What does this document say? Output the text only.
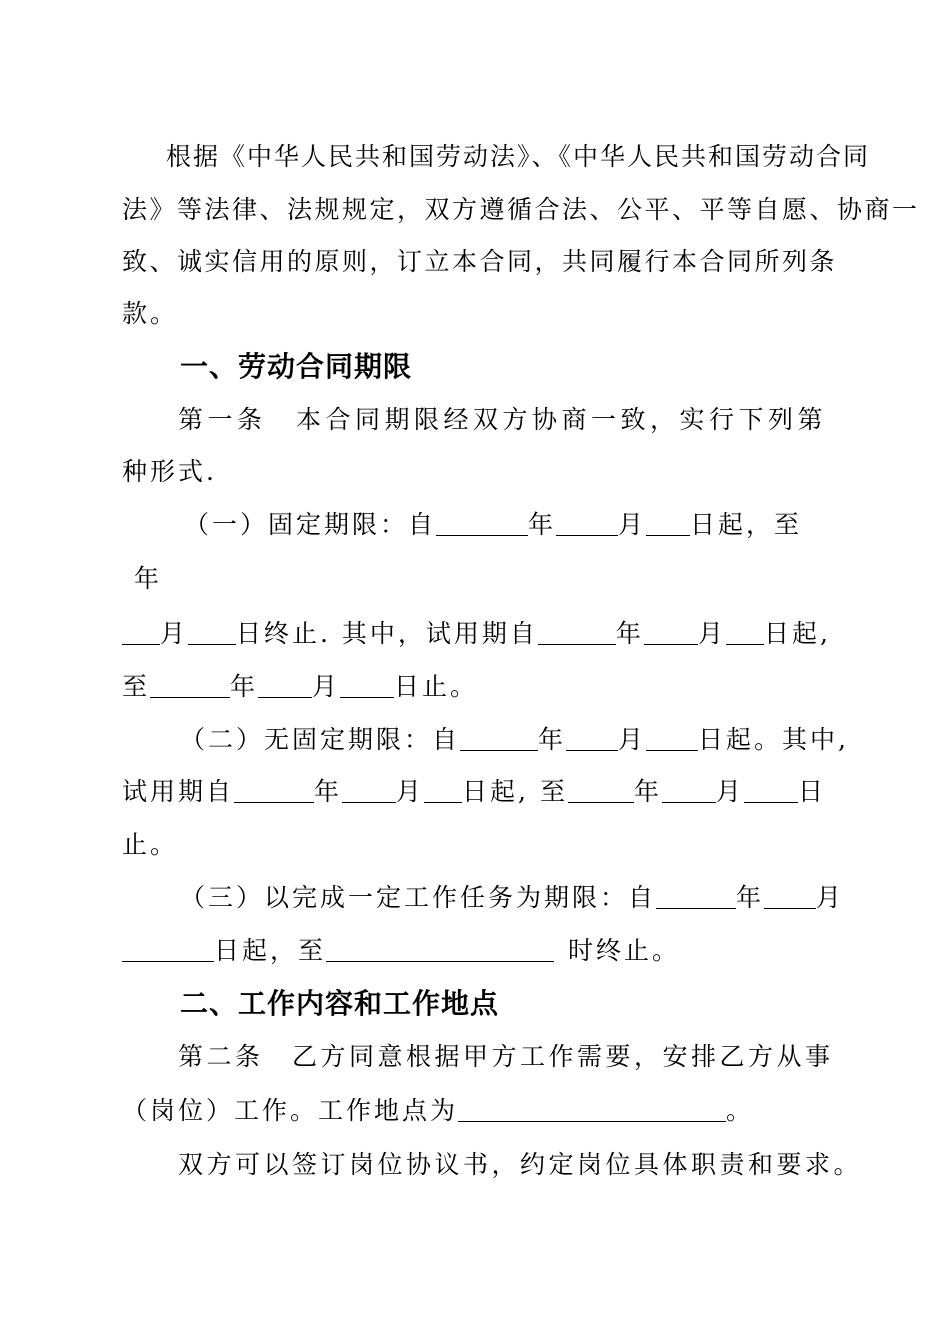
根据《中华人民共和国劳动法》、《中华人民共和国劳动合同
法》等法律、法规规定，双方遵循合法、公平、平等自愿、协商一
致、诚实信用的原则，订立本合同，共同履行本合同所列条
款。
一、劳动合同期限
第一条　本合同期限经双方协商一致，实行下列第
种形式.
（一）固定期限：自	年 月 日起，至
年
月 日终止. 其中，试用期自	年 月 日起,
至	年 月 日止。
（二）无固定期限：自	年 月 日起。其中,
试用期自	年 月 日起, 至	年 月 日
止。
（三）以完成一定工作任务为期限：自	年 月
日起，至	时终止。
二、工作内容和工作地点
第二条　乙方同意根据甲方工作需要，安排乙方从事
（岗位）工作。工作地点为	。
双方可以签订岗位协议书，约定岗位具体职责和要求。
